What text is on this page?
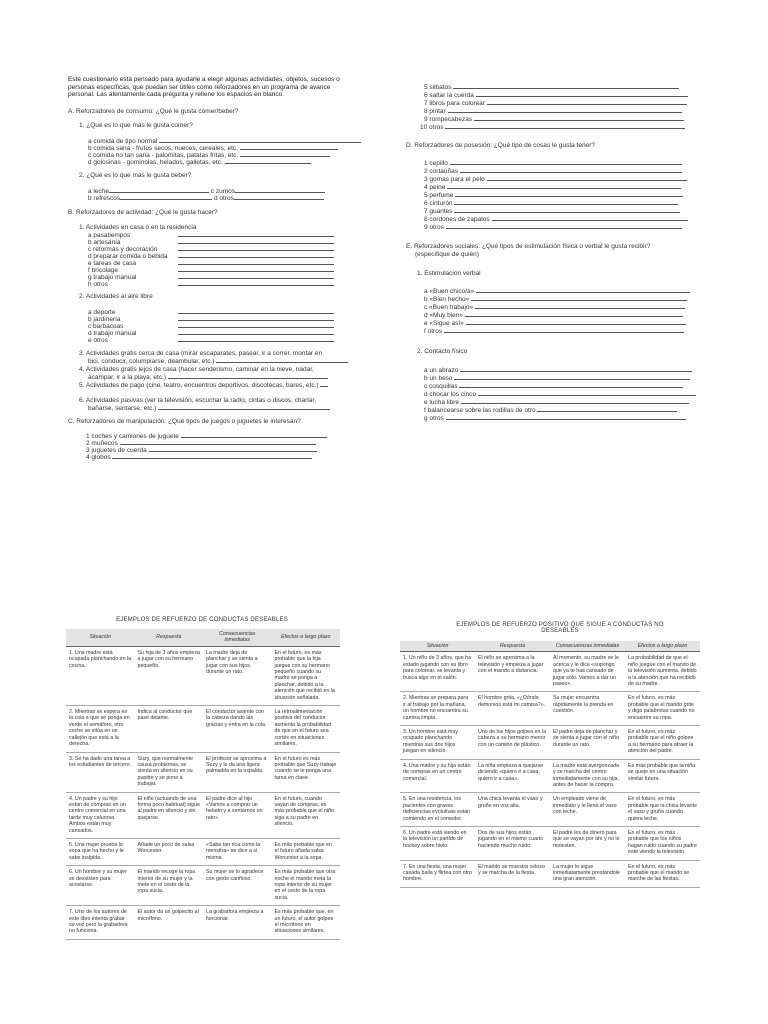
Este cuestionario está pensado para ayudarle a elegir algunas actividades, objetos, sucesos o personas específicas, que puedan ser útiles como reforzadores en un programa de avance personal. Las atentamente cada pregunta y rellene los espacios en blanco.
A. Reforzadores de consumo: ¿Qué le gusta comer/beber?
1. ¿Qué es lo que más le gusta comer?
a comida de tipo normal
b comida sana - frutos secos, nueces, cereales, etc.
c comida no tan sana - palomitas, patatas fritas, etc.
d golosinas - gominolas, helados, galletas, etc.
2. ¿Qué es lo que más le gusta beber?
a leche	c zumos
b refrescos	d otros
B. Reforzadores de actividad: ¿Qué le gusta hacer?
1. Actividades en casa o en la residencia
a pasatiempos
b artesanía
c reformas y decoración
d preparar comida o bebida
e tareas de casa
f bricolage
g trabajo manual
h otros
2. Actividades al aire libre
a deporte
b jardinería
c barbacoas
d trabajo manual
e otros
3. Actividades gratis cerca de casa (mirar escaparates, pasear, ir a correr, montar en
bici, conducir, columpiarse, deambular, etc.)
4. Actividades gratis lejos de casa (hacer senderismo, caminar en la nieve, nadar,
acampar, ir a la playa, etc.)
5. Actividades de pago (cine, teatro, encuentros deportivos, discotecas, bares, etc.)
6. Actividades pasivas (ver la televisión, escuchar la radio, cintas o discos, charlar,
bañarse, sentarse, etc.)
C. Reforzadores de manipulación: ¿Qué tipos de juegos o juguetes le interesan?
1 coches y camiones de juguete
2 muñecos
3 juguetes de cuerda
4 globos
5 silbatos
6 saltar la cuerda
7 libros para colorear
8 pintar
9 rompecabezas
10 otros
D. Reforzadores de posesión: ¿Qué tipo de cosas le gusta tener?
1 cepillo
2 cortaúñas
3 gomas para el pelo
4 peine
5 perfume
6 cinturón
7 guantes
8 cordones de zapatos
9 otros
E. Reforzadores sociales: ¿Qué tipos de estimulación física o verbal le gusta recibir?
(especifique de quién)
1. Estimulación verbal
a «Buen chico/a»
b «Bien hecho»
c «Buen trabajo»
d «Muy bien»
e «Sigue así»
f otros
2. Contacto físico
a un abrazo
b un beso
c cosquillas
d chocar los cinco
e lucha libre
f balancearse sobre las rodillas de otro
g otros
EJEMPLOS DE REFUERZO DE CONDUCTAS DESEABLES
Situación	Respuesta	Consecuencias inmediatas	Efectos a largo plazo
1. Una madre está ocupada planchando en la cocina.	Su hija de 3 años empieza a jugar con su hermano pequeño.	La madre deja de planchar y se sienta a jugar con sus hijos durante un rato.	En el futuro, es más probable que la hija juegue con su hermano pequeño cuando su madre se ponga a planchar, debido a la atención que recibió en la situación señalada.
2. Mientras se espera en la cola a que se ponga en verde el semáforo, otro coche se sitúa en un callejón que está a la derecha.	Indica al conductor que pase delante.	El conductor asiente con la cabeza dando las gracias y entra en la cola.	La retroalimentación positiva del conductor aumenta la probabilidad de que en el futuro sea cortés en situaciones similares.
3. Se ha dado una tarea a los estudiantes de tercero.	Suzy, que normalmente causa problemas, se sienta en silencio en su pupitre y se pone a trabajar.	El profesor se aproxima a Suzy y le da una ligera palmadita en la espalda.	En el futuro es más probable que Suzy trabaje cuando se le ponga una tarea en clase.
4. Un padre y su hijo están de compras en un centro comercial en una tarde muy calurosa. Ambos están muy cansados.	El niño (actuando de una forma poco habitual) sigue al padre en silencio y sin quejarse.	El padre dice al hijo «Vamos a comprar un helado y a sentarnos un rato».	En el futuro, cuando vayan de compras, es más probable que el niño siga a su padre en silencio.
5. Una mujer prueba la sopa que ha hecho y le sabe insípida.	Añade un poco de salsa Worcester.	«Sabe tan rica como la mensitra» se dice a sí misma.	Es más probable que en el futuro añada salsa Worcester a la sopa.
6. Un hombre y su mujer se desvisten para acostarse.	El marido recoge la ropa interior de su mujer y la mete en el cesto de la ropa sucia.	Su mujer se lo agradece con gesto cariñoso.	Es más probable que otra noche el marido meta la ropa interior de su mujer en el cesto de la ropa sucia.
7. Uno de los autores de este libro intenta grabar su voz pero la grabadora no funciona.	El autor da un golpecito al micrófono.	La grabadora empieza a funcionar.	Es más probable que, en un futuro, el autor golpee el micrófono en situaciones similares.
EJEMPLOS DE REFUERZO POSITIVO QUE SIGUE A CONDUCTAS NO DESEABLES
Situación	Respuesta	Consecuencias inmediatas	Efectos a largo plazo
1. Un niño de 3 años, que ha estado jugando con su libro para colorear, se levanta y busca algo en el salón.	El niño se aproxima a la televisión y empieza a jugar con el mando a distancia.	Al momento, su madre se le acerca y le dice «supongo que ya te has cansado de jugar sólo. Vamos a dar un paseo».	La probabilidad de que el niño juegue con el mando de la televisión aumenta, debido a la atención que ha recibido de su madre.
2. Mientras se prepara para ir al trabajo por la mañana, un hombre no encuentra su camisa limpia.	El hombre grita, «¿Dónde demonios está mi camisa?».	Su mujer encuentra rápidamente la prenda en cuestión.	En el futuro, es más probable que el marido grite y diga palabrotas cuando no encuentre su ropa.
3. Un hombre está muy ocupado planchando mientras sus dos hijos juegan en silencio.	Uno de los hijos golpea en la cabeza a su hermano menor con un camión de plástico.	El padre deja de planchar y se sienta a jugar con el niño durante un rato.	En el futuro, es más probable que el niño golpee a su hermano para atraer la atención del padre.
4. Una madre y su hija están de compras en un centro comercial.	La niña empieza a quejarse diciendo «quiero ir a casa, quiero ir a casa».	La madre está avergonzada y se marcha del centro inmediatamente con su hija, antes de hacer la compra.	Es más probable que la niña se queje en una situación similar futura.
5. En una residencia, los pacientes con graves deficiencias evolutivas están comiendo en el comedor.	Una chica levanta el vaso y gruñe en voz alta.	Un empleado viene de inmediato y le llena el vaso con leche.	En el futuro, es más probable que la chica levante el vaso y gruña cuando quiera leche.
6. Un padre está viendo en la televisión un partido de hockey sobre hielo.	Dos de sus hijos están jugando en el mismo cuarto haciendo mucho ruido.	El padre les da dinero para que se vayan por ahí y no le molesten.	En el futuro, es más probable que los niños hagan ruido cuando su padre esté viendo la televisión.
7. En una fiesta, una mujer casada baila y flirtea con otro hombre.	El marido se muestra celoso y se marcha de la fiesta.	La mujer le sigue inmediatamente prestándole una gran atención.	En el futuro, es más probable que el marido se marche de las fiestas.
